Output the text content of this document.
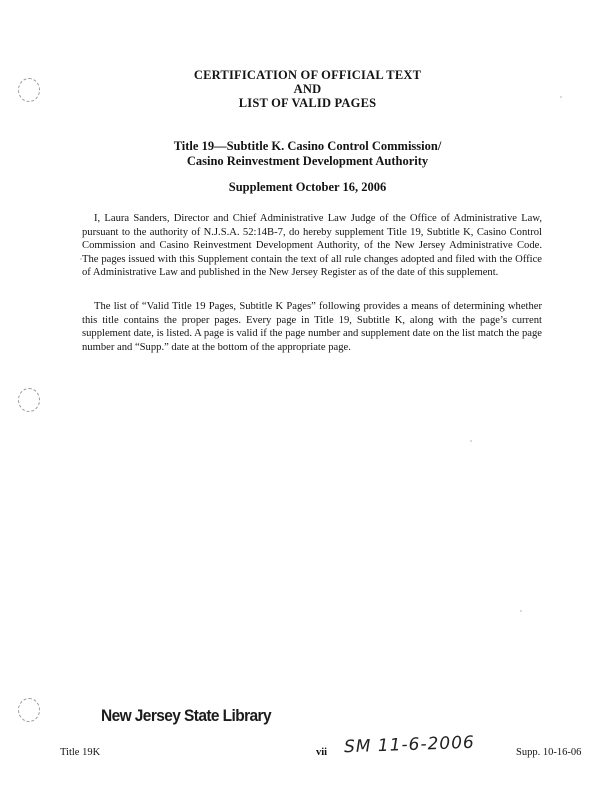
CERTIFICATION OF OFFICIAL TEXT
AND
LIST OF VALID PAGES
Title 19—Subtitle K. Casino Control Commission/
Casino Reinvestment Development Authority
Supplement October 16, 2006
I, Laura Sanders, Director and Chief Administrative Law Judge of the Office of Administrative Law, pursuant to the authority of N.J.S.A. 52:14B-7, do hereby supplement Title 19, Subtitle K, Casino Control Commission and Casino Reinvestment Development Authority, of the New Jersey Administrative Code. The pages issued with this Supplement contain the text of all rule changes adopted and filed with the Office of Administrative Law and published in the New Jersey Register as of the date of this supplement.
The list of “Valid Title 19 Pages, Subtitle K Pages” following provides a means of determining whether this title contains the proper pages. Every page in Title 19, Subtitle K, along with the page’s current supplement date, is listed. A page is valid if the page number and supplement date on the list match the page number and “Supp.” date at the bottom of the appropriate page.
New Jersey State Library
SM 11-6-2006
Title 19K	vii	Supp. 10-16-06
